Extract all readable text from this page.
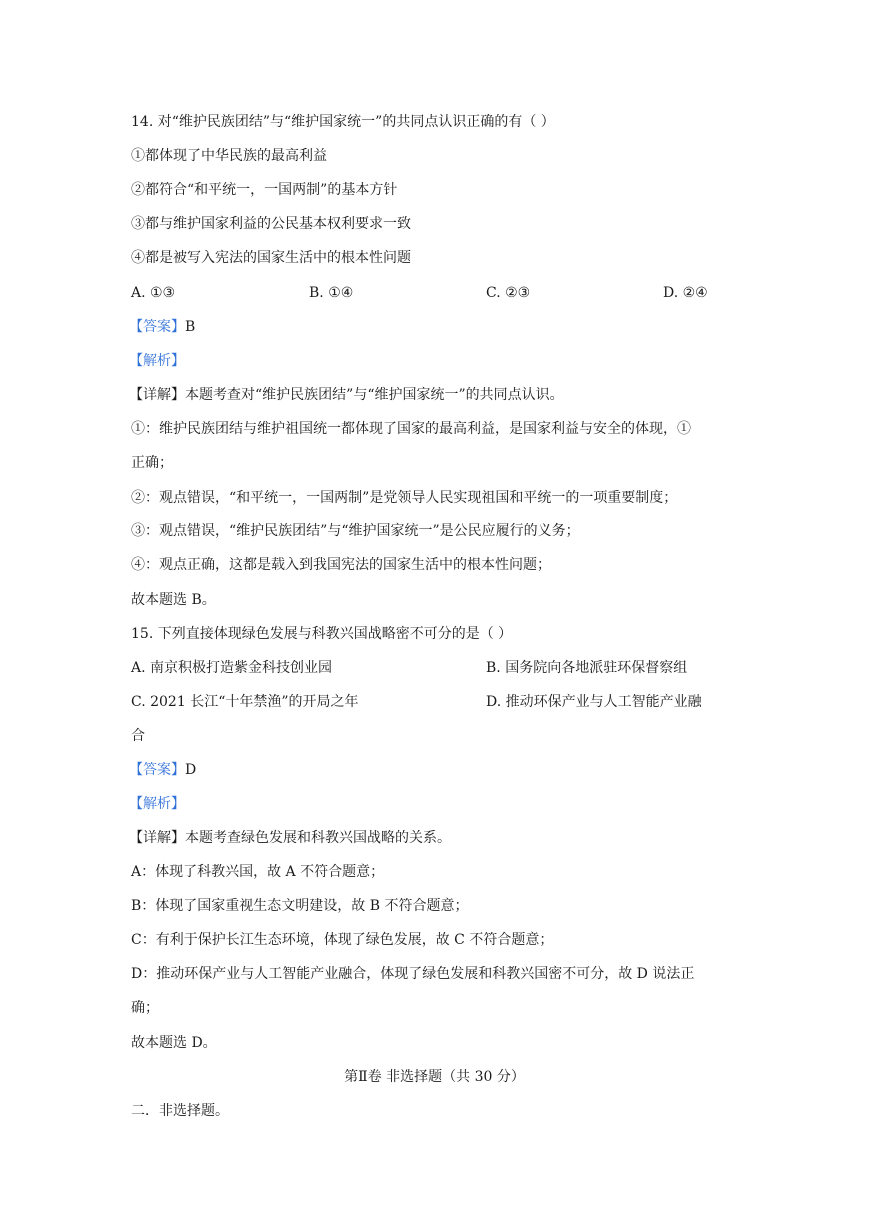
14. 对“维护民族团结”与“维护国家统一”的共同点认识正确的有（ ）
①都体现了中华民族的最高利益
②都符合“和平统一，一国两制”的基本方针
③都与维护国家利益的公民基本权利要求一致
④都是被写入宪法的国家生活中的根本性问题
A. ①③	B. ①④	C. ②③	D. ②④
【答案】B
【解析】
【详解】本题考查对“维护民族团结”与“维护国家统一”的共同点认识。
①：维护民族团结与维护祖国统一都体现了国家的最高利益，是国家利益与安全的体现，①
正确；
②：观点错误，“和平统一，一国两制”是党领导人民实现祖国和平统一的一项重要制度；
③：观点错误，“维护民族团结”与“维护国家统一”是公民应履行的义务；
④：观点正确，这都是载入到我国宪法的国家生活中的根本性问题；
故本题选 B。
15. 下列直接体现绿色发展与科教兴国战略密不可分的是（ ）
A. 南京积极打造紫金科技创业园	B. 国务院向各地派驻环保督察组
C. 2021 长江“十年禁渔”的开局之年	D. 推动环保产业与人工智能产业融
合
【答案】D
【解析】
【详解】本题考查绿色发展和科教兴国战略的关系。
A：体现了科教兴国，故 A 不符合题意；
B：体现了国家重视生态文明建设，故 B 不符合题意；
C：有利于保护长江生态环境，体现了绿色发展，故 C 不符合题意；
D：推动环保产业与人工智能产业融合，体现了绿色发展和科教兴国密不可分，故 D 说法正
确；
故本题选 D。
第Ⅱ卷 非选择题（共 30 分）
二．非选择题。
